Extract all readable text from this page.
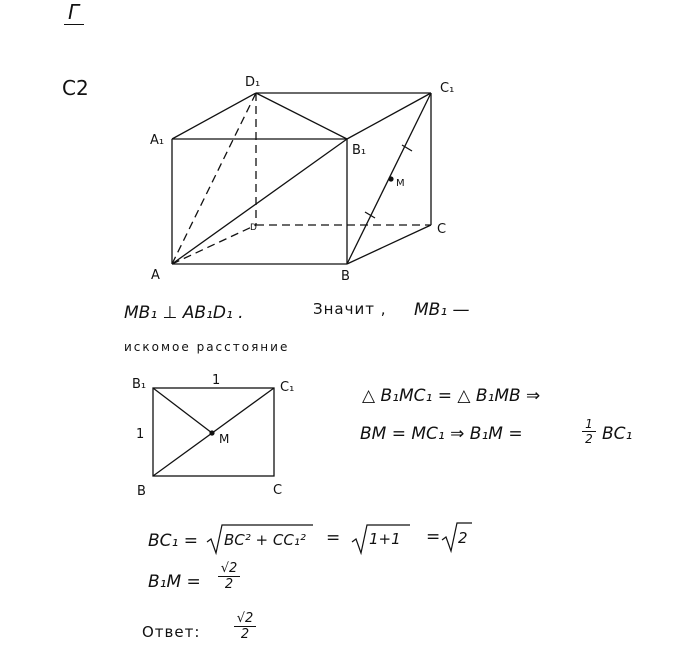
Г
C2	D₁	C₁
A₁
B₁
M
D	C
A	B
MB₁ ⊥ AB₁D₁ .	Значит , MB₁ —
искомое расстояние
B₁	C₁
B	C
M
1
1
△ B₁MC₁ = △ B₁MB ⇒
BM = MC₁ ⇒ B₁M =	1
2 BC₁
BC₁ = BC² + CC₁² = 1+1 = 2
B₁M =
√2
2
Ответ:
√2
2
